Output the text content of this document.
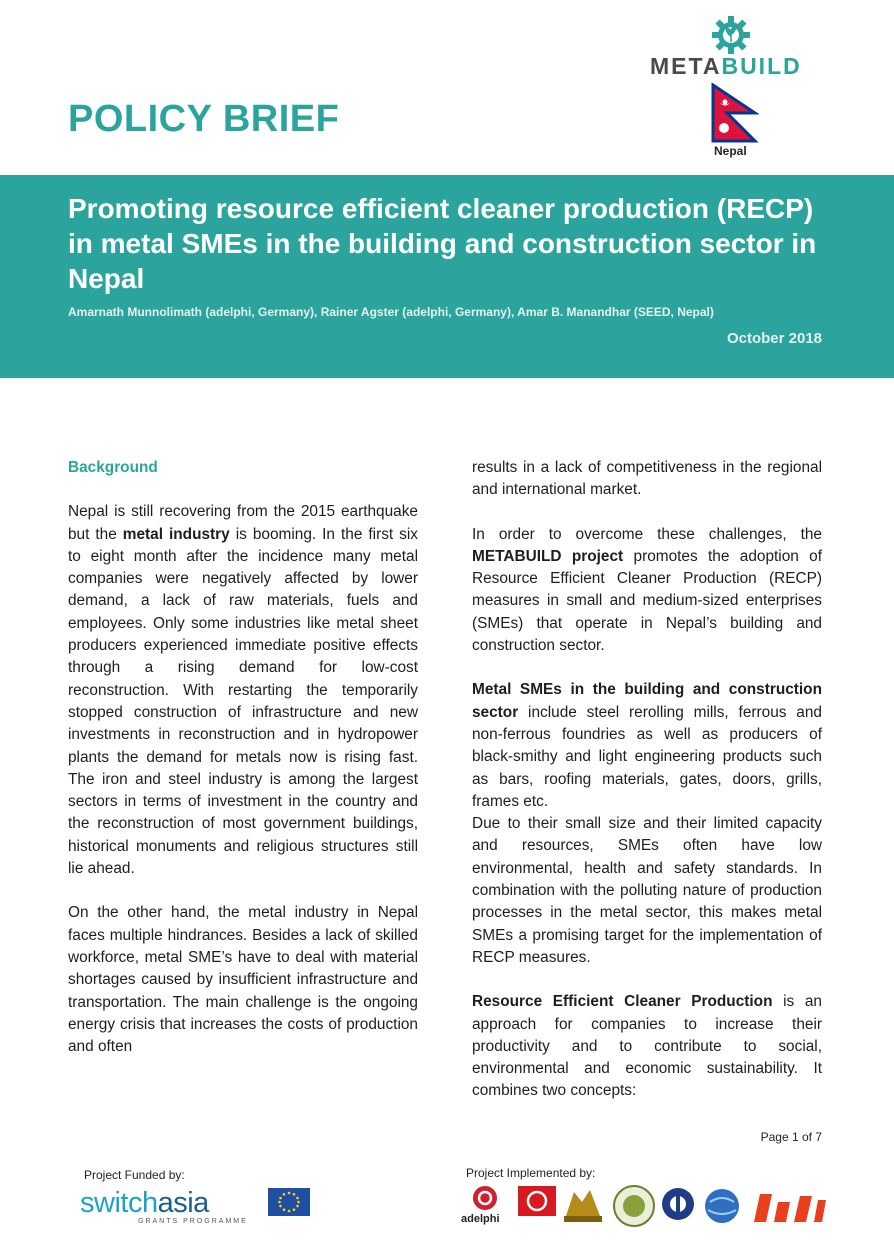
METABUILD
Nepal
POLICY BRIEF
Promoting resource efficient cleaner production (RECP) in metal SMEs in the building and construction sector in Nepal
Amarnath Munnolimath (adelphi, Germany), Rainer Agster (adelphi, Germany), Amar B. Manandhar (SEED, Nepal)
October 2018
Background

Nepal is still recovering from the 2015 earthquake but the metal industry is booming. In the first six to eight month after the incidence many metal companies were negatively affected by lower demand, a lack of raw materials, fuels and employees. Only some industries like metal sheet producers experienced immediate positive effects through a rising demand for low-cost reconstruction. With restarting the temporarily stopped construction of infrastructure and new investments in reconstruction and in hydropower plants the demand for metals now is rising fast. The iron and steel industry is among the largest sectors in terms of investment in the country and the reconstruction of most government buildings, historical monuments and religious structures still lie ahead.

On the other hand, the metal industry in Nepal faces multiple hindrances. Besides a lack of skilled workforce, metal SME’s have to deal with material shortages caused by insufficient infrastructure and transportation. The main challenge is the ongoing energy crisis that increases the costs of production and often

results in a lack of competitiveness in the regional and international market.

In order to overcome these challenges, the METABUILD project promotes the adoption of Resource Efficient Cleaner Production (RECP) measures in small and medium-sized enterprises (SMEs) that operate in Nepal’s building and construction sector.

Metal SMEs in the building and construction sector include steel rerolling mills, ferrous and non-ferrous foundries as well as producers of black-smithy and light engineering products such as bars, roofing materials, gates, doors, grills, frames etc.

Due to their small size and their limited capacity and resources, SMEs often have low environmental, health and safety standards. In combination with the polluting nature of production processes in the metal sector, this makes metal SMEs a promising target for the implementation of RECP measures.

Resource Efficient Cleaner Production is an approach for companies to increase their productivity and to contribute to social, environmental and economic sustainability. It combines two concepts:

Page 1 of 7
Project Funded by:
switchasia
GRANTS PROGRAMME
Project Implemented by:
adelphi
